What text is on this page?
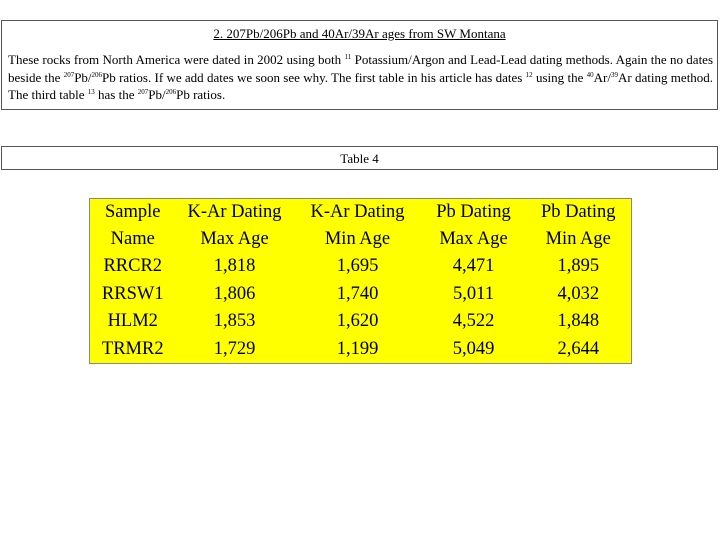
2. 207Pb/206Pb and 40Ar/39Ar ages from SW Montana
These rocks from North America were dated in 2002 using both $^{11}$ Potassium/Argon and Lead-Lead dating methods. Again the no dates beside the $^{207}$Pb/$^{206}$Pb ratios. If we add dates we soon see why. The first table in his article has dates $^{12}$ using the $^{40}$Ar/$^{39}$Ar dating method. The third table $^{13}$ has the $^{207}$Pb/$^{206}$Pb ratios.
Table 4
Sample	K-Ar Dating	K-Ar Dating	Pb Dating	Pb Dating
Name	Max Age	Min Age	Max Age	Min Age
RRCR2	1,818	1,695	4,471	1,895
RRSW1	1,806	1,740	5,011	4,032
HLM2	1,853	1,620	4,522	1,848
TRMR2	1,729	1,199	5,049	2,644
